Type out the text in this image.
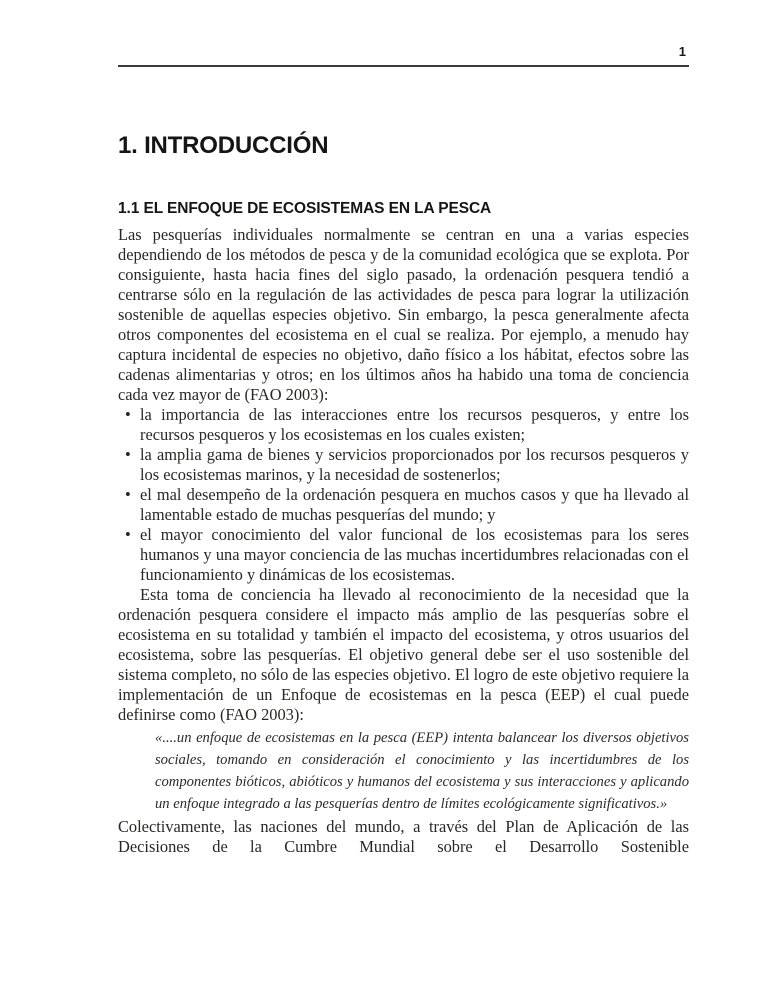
1
1. INTRODUCCIÓN
1.1 EL ENFOQUE DE ECOSISTEMAS EN LA PESCA

Las pesquerías individuales normalmente se centran en una a varias especies dependiendo de los métodos de pesca y de la comunidad ecológica que se explota. Por consiguiente, hasta hacia fines del siglo pasado, la ordenación pesquera tendió a centrarse sólo en la regulación de las actividades de pesca para lograr la utilización sostenible de aquellas especies objetivo. Sin embargo, la pesca generalmente afecta otros componentes del ecosistema en el cual se realiza. Por ejemplo, a menudo hay captura incidental de especies no objetivo, daño físico a los hábitat, efectos sobre las cadenas alimentarias y otros; en los últimos años ha habido una toma de conciencia cada vez mayor de (FAO 2003):

• la importancia de las interacciones entre los recursos pesqueros, y entre los recursos pesqueros y los ecosistemas en los cuales existen;
• la amplia gama de bienes y servicios proporcionados por los recursos pesqueros y los ecosistemas marinos, y la necesidad de sostenerlos;
• el mal desempeño de la ordenación pesquera en muchos casos y que ha llevado al lamentable estado de muchas pesquerías del mundo; y
• el mayor conocimiento del valor funcional de los ecosistemas para los seres humanos y una mayor conciencia de las muchas incertidumbres relacionadas con el funcionamiento y dinámicas de los ecosistemas.

Esta toma de conciencia ha llevado al reconocimiento de la necesidad que la ordenación pesquera considere el impacto más amplio de las pesquerías sobre el ecosistema en su totalidad y también el impacto del ecosistema, y otros usuarios del ecosistema, sobre las pesquerías. El objetivo general debe ser el uso sostenible del sistema completo, no sólo de las especies objetivo. El logro de este objetivo requiere la implementación de un Enfoque de ecosistemas en la pesca (EEP) el cual puede definirse como (FAO 2003):

«....un enfoque de ecosistemas en la pesca (EEP) intenta balancear los diversos objetivos sociales, tomando en consideración el conocimiento y las incertidumbres de los componentes bióticos, abióticos y humanos del ecosistema y sus interacciones y aplicando un enfoque integrado a las pesquerías dentro de límites ecológicamente significativos.»

Colectivamente, las naciones del mundo, a través del Plan de Aplicación de las Decisiones de la Cumbre Mundial sobre el Desarrollo Sostenible
